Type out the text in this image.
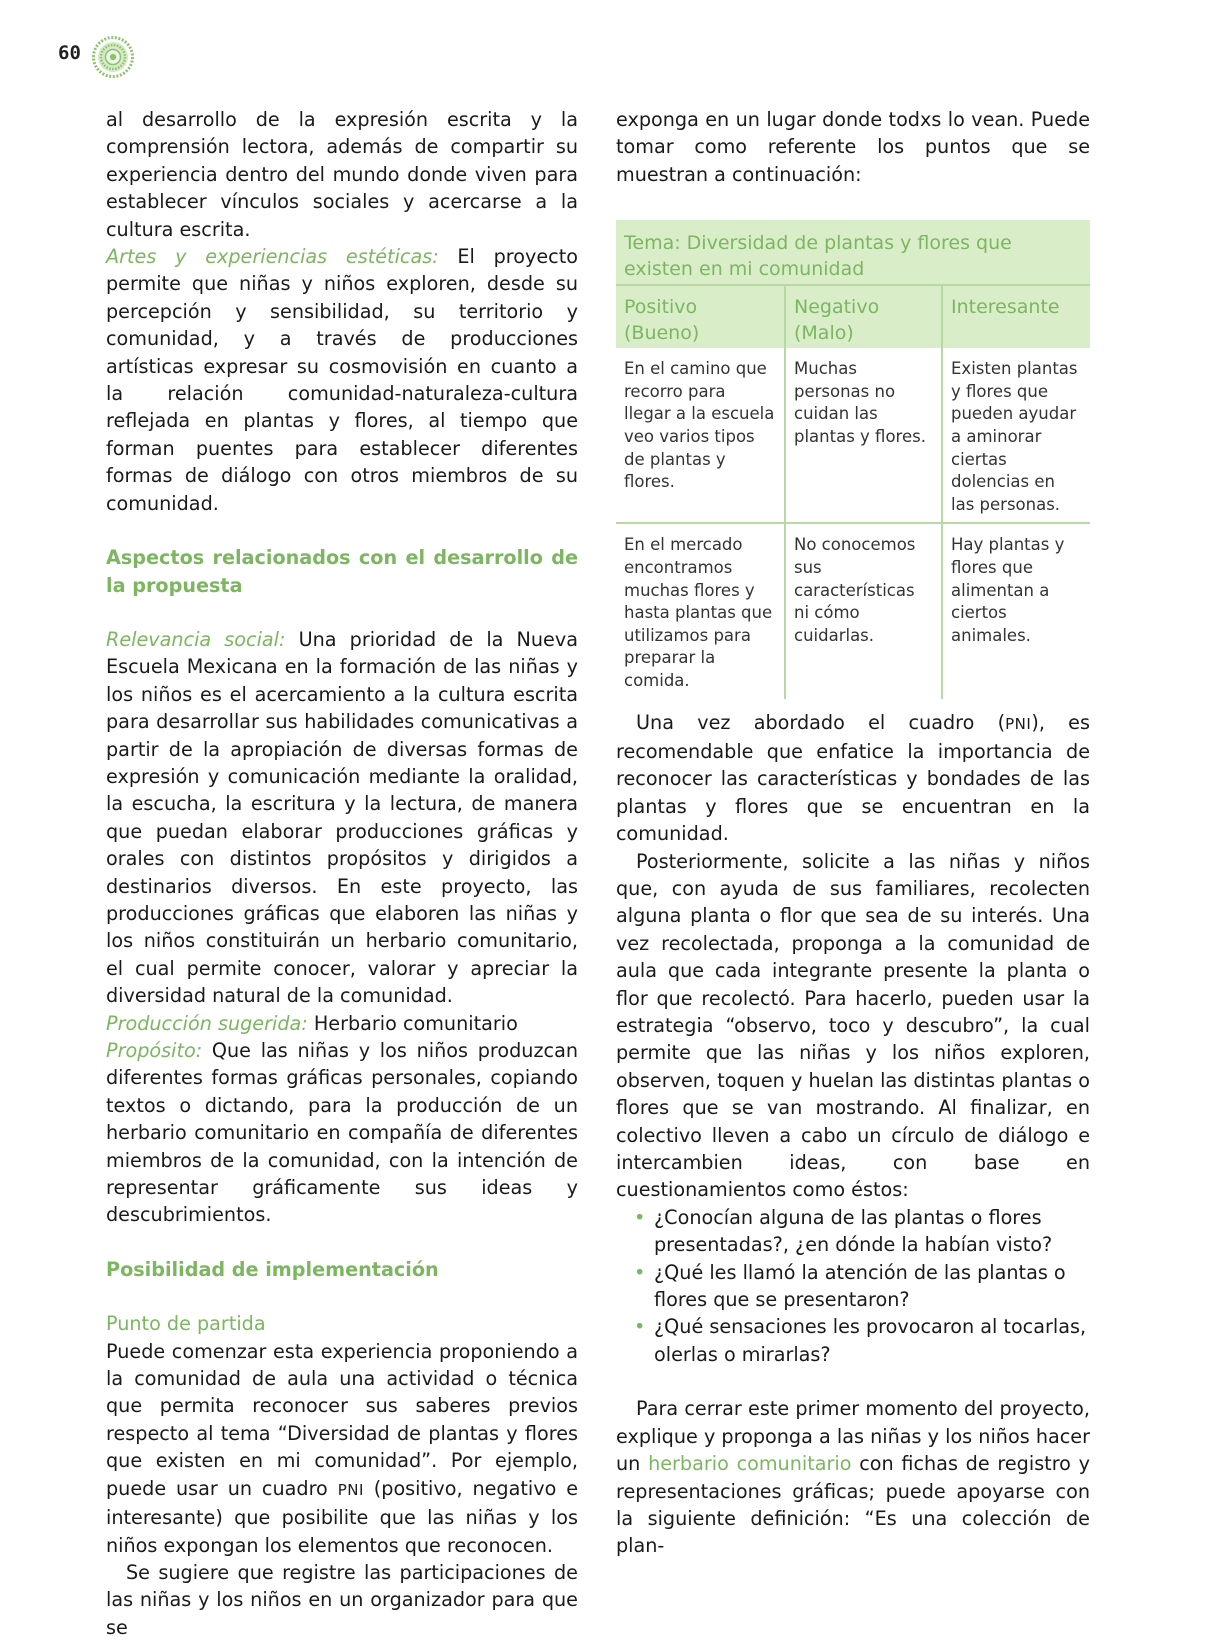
60

al desarrollo de la expresión escrita y la comprensión lectora, además de compartir su experiencia dentro del mundo donde viven para establecer vínculos sociales y acercarse a la cultura escrita.

Artes y experiencias estéticas: El proyecto permite que niñas y niños exploren, desde su percepción y sensibilidad, su territorio y comunidad, y a través de producciones artísticas expresar su cosmovisión en cuanto a la relación comunidad-naturaleza-cultura reflejada en plantas y flores, al tiempo que forman puentes para establecer diferentes formas de diálogo con otros miembros de su comunidad.

Aspectos relacionados con el desarrollo de la propuesta

Relevancia social: Una prioridad de la Nueva Escuela Mexicana en la formación de las niñas y los niños es el acercamiento a la cultura escrita para desarrollar sus habilidades comunicativas a partir de la apropiación de diversas formas de expresión y comunicación mediante la oralidad, la escucha, la escritura y la lectura, de manera que puedan elaborar producciones gráficas y orales con distintos propósitos y dirigidos a destinarios diversos. En este proyecto, las producciones gráficas que elaboren las niñas y los niños constituirán un herbario comunitario, el cual permite conocer, valorar y apreciar la diversidad natural de la comunidad.

Producción sugerida: Herbario comunitario

Propósito: Que las niñas y los niños produzcan diferentes formas gráficas personales, copiando textos o dictando, para la producción de un herbario comunitario en compañía de diferentes miembros de la comunidad, con la intención de representar gráficamente sus ideas y descubrimientos.

Posibilidad de implementación

Punto de partida

Puede comenzar esta experiencia proponiendo a la comunidad de aula una actividad o técnica que permita reconocer sus saberes previos respecto al tema “Diversidad de plantas y flores que existen en mi comunidad”. Por ejemplo, puede usar un cuadro PNI (positivo, negativo e interesante) que posibilite que las niñas y los niños expongan los elementos que reconocen.

Se sugiere que registre las participaciones de las niñas y los niños en un organizador para que se

exponga en un lugar donde todxs lo vean. Puede tomar como referente los puntos que se muestran a continuación:

Tema: Diversidad de plantas y flores que existen en mi comunidad		
Positivo (Bueno)	Negativo (Malo)	Interesante
En el camino que recorro para llegar a la escuela veo varios tipos de plantas y flores.	Muchas personas no cuidan las plantas y flores.	Existen plantas y flores que pueden ayudar a aminorar ciertas dolencias en las personas.
En el mercado encontramos muchas flores y hasta plantas que utilizamos para preparar la comida.	No conocemos sus características ni cómo cuidarlas.	Hay plantas y flores que alimentan a ciertos animales.

Una vez abordado el cuadro (PNI), es recomendable que enfatice la importancia de reconocer las características y bondades de las plantas y flores que se encuentran en la comunidad.

Posteriormente, solicite a las niñas y niños que, con ayuda de sus familiares, recolecten alguna planta o flor que sea de su interés. Una vez recolectada, proponga a la comunidad de aula que cada integrante presente la planta o flor que recolectó. Para hacerlo, pueden usar la estrategia “observo, toco y descubro”, la cual permite que las niñas y los niños exploren, observen, toquen y huelan las distintas plantas o flores que se van mostrando. Al finalizar, en colectivo lleven a cabo un círculo de diálogo e intercambien ideas, con base en cuestionamientos como éstos:

• ¿Conocían alguna de las plantas o flores presentadas?, ¿en dónde la habían visto?
• ¿Qué les llamó la atención de las plantas o flores que se presentaron?
• ¿Qué sensaciones les provocaron al tocarlas, olerlas o mirarlas?

Para cerrar este primer momento del proyecto, explique y proponga a las niñas y los niños hacer un herbario comunitario con fichas de registro y representaciones gráficas; puede apoyarse con la siguiente definición: “Es una colección de plan-
